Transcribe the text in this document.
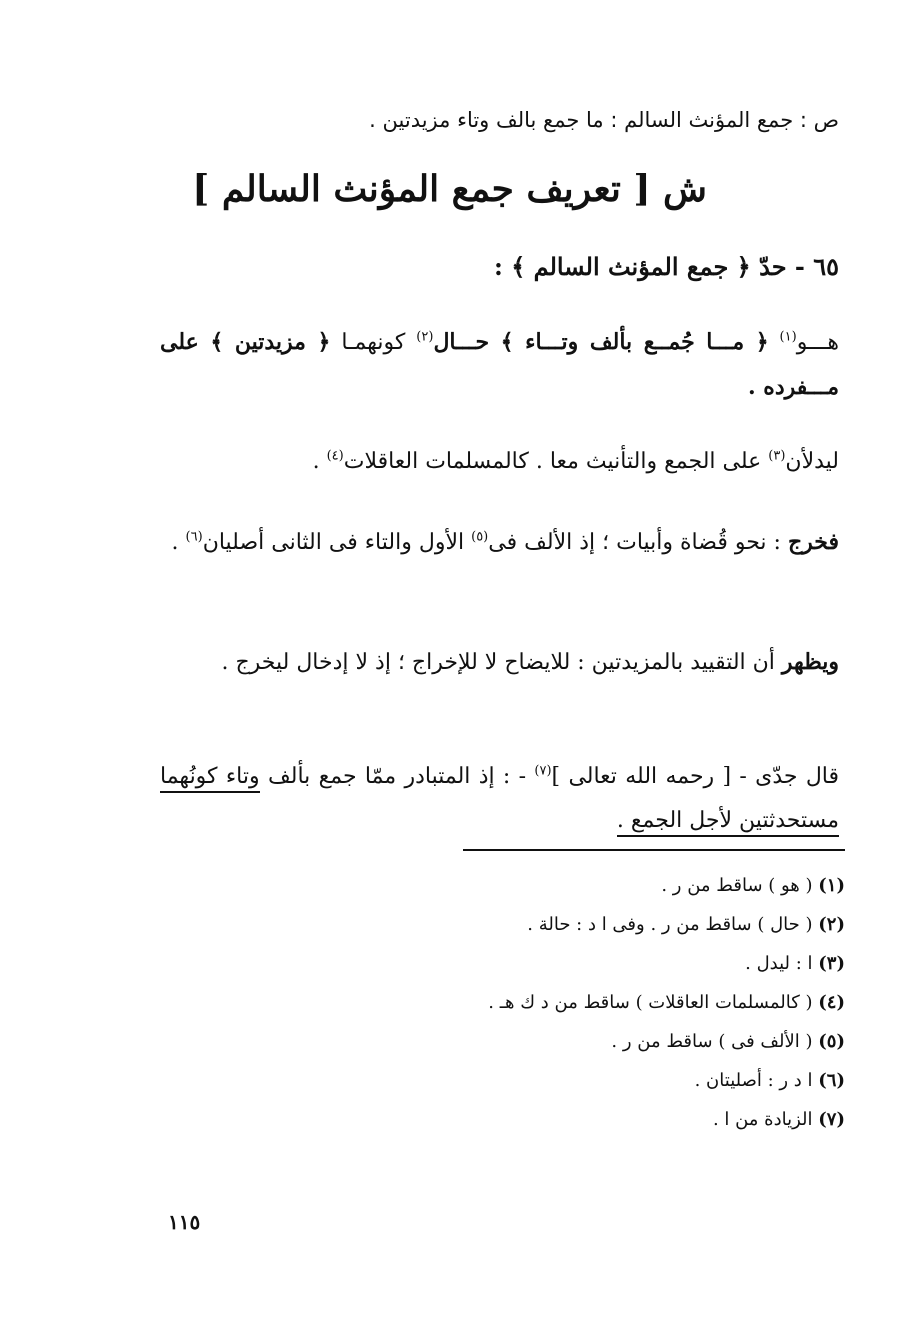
ص : جمع المؤنث السالم : ما جمع بالف وتاء مزيدتين .
ش [ تعريف جمع المؤنث السالم ]
٦٥ - حدّ ﴿ جمع المؤنث السالم ﴾ :
هـــو$^{(١)}$ ﴿ مـــا جُمــع بألف وتـــاء ﴾ حـــال$^{(٢)}$ كونهمـا ﴿ مزيدتين ﴾ على مـــفرده .
ليدلأن$^{(٣)}$ على الجمع والتأنيث معا . كالمسلمات العاقلات$^{(٤)}$ .
فخرج : نحو قُضاة وأبيات ؛ إذ الألف فى$^{(٥)}$ الأول والتاء فى الثانى أصليان$^{(٦)}$ .
ويظهر أن التقييد بالمزيدتين : للايضاح لا للإخراج ؛ إذ لا إدخال ليخرج .
قال جدّى - [ رحمه الله تعالى ]$^{(٧)}$ - : إذ المتبادر ممّا جمع بألف وتاء كونُهما مستحدثتين لأجل الجمع .
(١) ( هو ) ساقط من ر .
(٢) ( حال ) ساقط من ر . وفى ا د : حالة .
(٣) ا : ليدل .
(٤) ( كالمسلمات العاقلات ) ساقط من د ك هـ .
(٥) ( الألف فى ) ساقط من ر .
(٦) ا د ر : أصليتان .
(٧) الزيادة من ا .
١١٥
